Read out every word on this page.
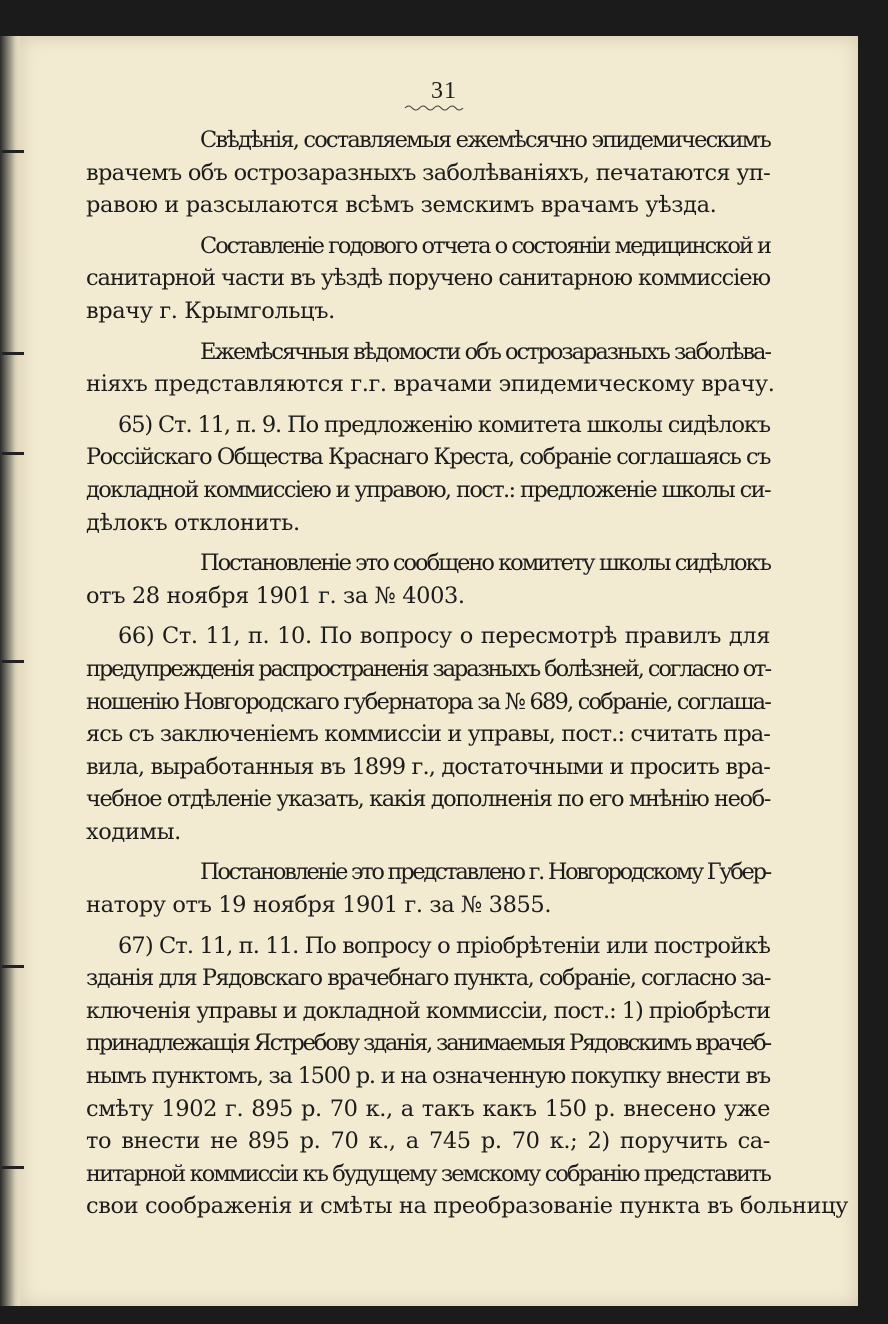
31
Свѣдѣнія, составляемыя ежемѣсячно эпидемическимъ
врачемъ объ острозаразныхъ заболѣваніяхъ, печатаются уп-
равою и разсылаются всѣмъ земскимъ врачамъ уѣзда.
Составленіе годового отчета о состояніи медицинской и
санитарной части въ уѣздѣ поручено санитарною коммиссіею
врачу г. Крымгольцъ.
Ежемѣсячныя вѣдомости объ острозаразныхъ заболѣва-
ніяхъ представляются г.г. врачами эпидемическому врачу.
65) Ст. 11, п. 9. По предложенію комитета школы сидѣлокъ
Россійскаго Общества Краснаго Креста, собраніе соглашаясь съ
докладной коммиссіею и управою, пост.: предложеніе школы си-
дѣлокъ отклонить.
Постановленіе это сообщено комитету школы сидѣлокъ
отъ 28 ноября 1901 г. за № 4003.
66) Ст. 11, п. 10. По вопросу о пересмотрѣ правилъ для
предупрежденія распространенія заразныхъ болѣзней, согласно от-
ношенію Новгородскаго губернатора за № 689, собраніе, соглаша-
ясь съ заключеніемъ коммиссіи и управы, пост.: считать пра-
вила, выработанныя въ 1899 г., достаточными и просить вра-
чебное отдѣленіе указать, какія дополненія по его мнѣнію необ-
ходимы.
Постановленіе это представлено г. Новгородскому Губер-
натору отъ 19 ноября 1901 г. за № 3855.
67) Ст. 11, п. 11. По вопросу о пріобрѣтеніи или постройкѣ
зданія для Рядовскаго врачебнаго пункта, собраніе, согласно за-
ключенія управы и докладной коммиссіи, пост.: 1) пріобрѣсти
принадлежащія Ястребову зданія, занимаемыя Рядовскимъ врачеб-
нымъ пунктомъ, за 1500 р. и на означенную покупку внести въ
смѣту 1902 г. 895 р. 70 к., а такъ какъ 150 р. внесено уже
то внести не 895 р. 70 к., а 745 р. 70 к.; 2) поручить са-
нитарной коммиссіи къ будущему земскому собранію представить
свои соображенія и смѣты на преобразованіе пункта въ больницу
